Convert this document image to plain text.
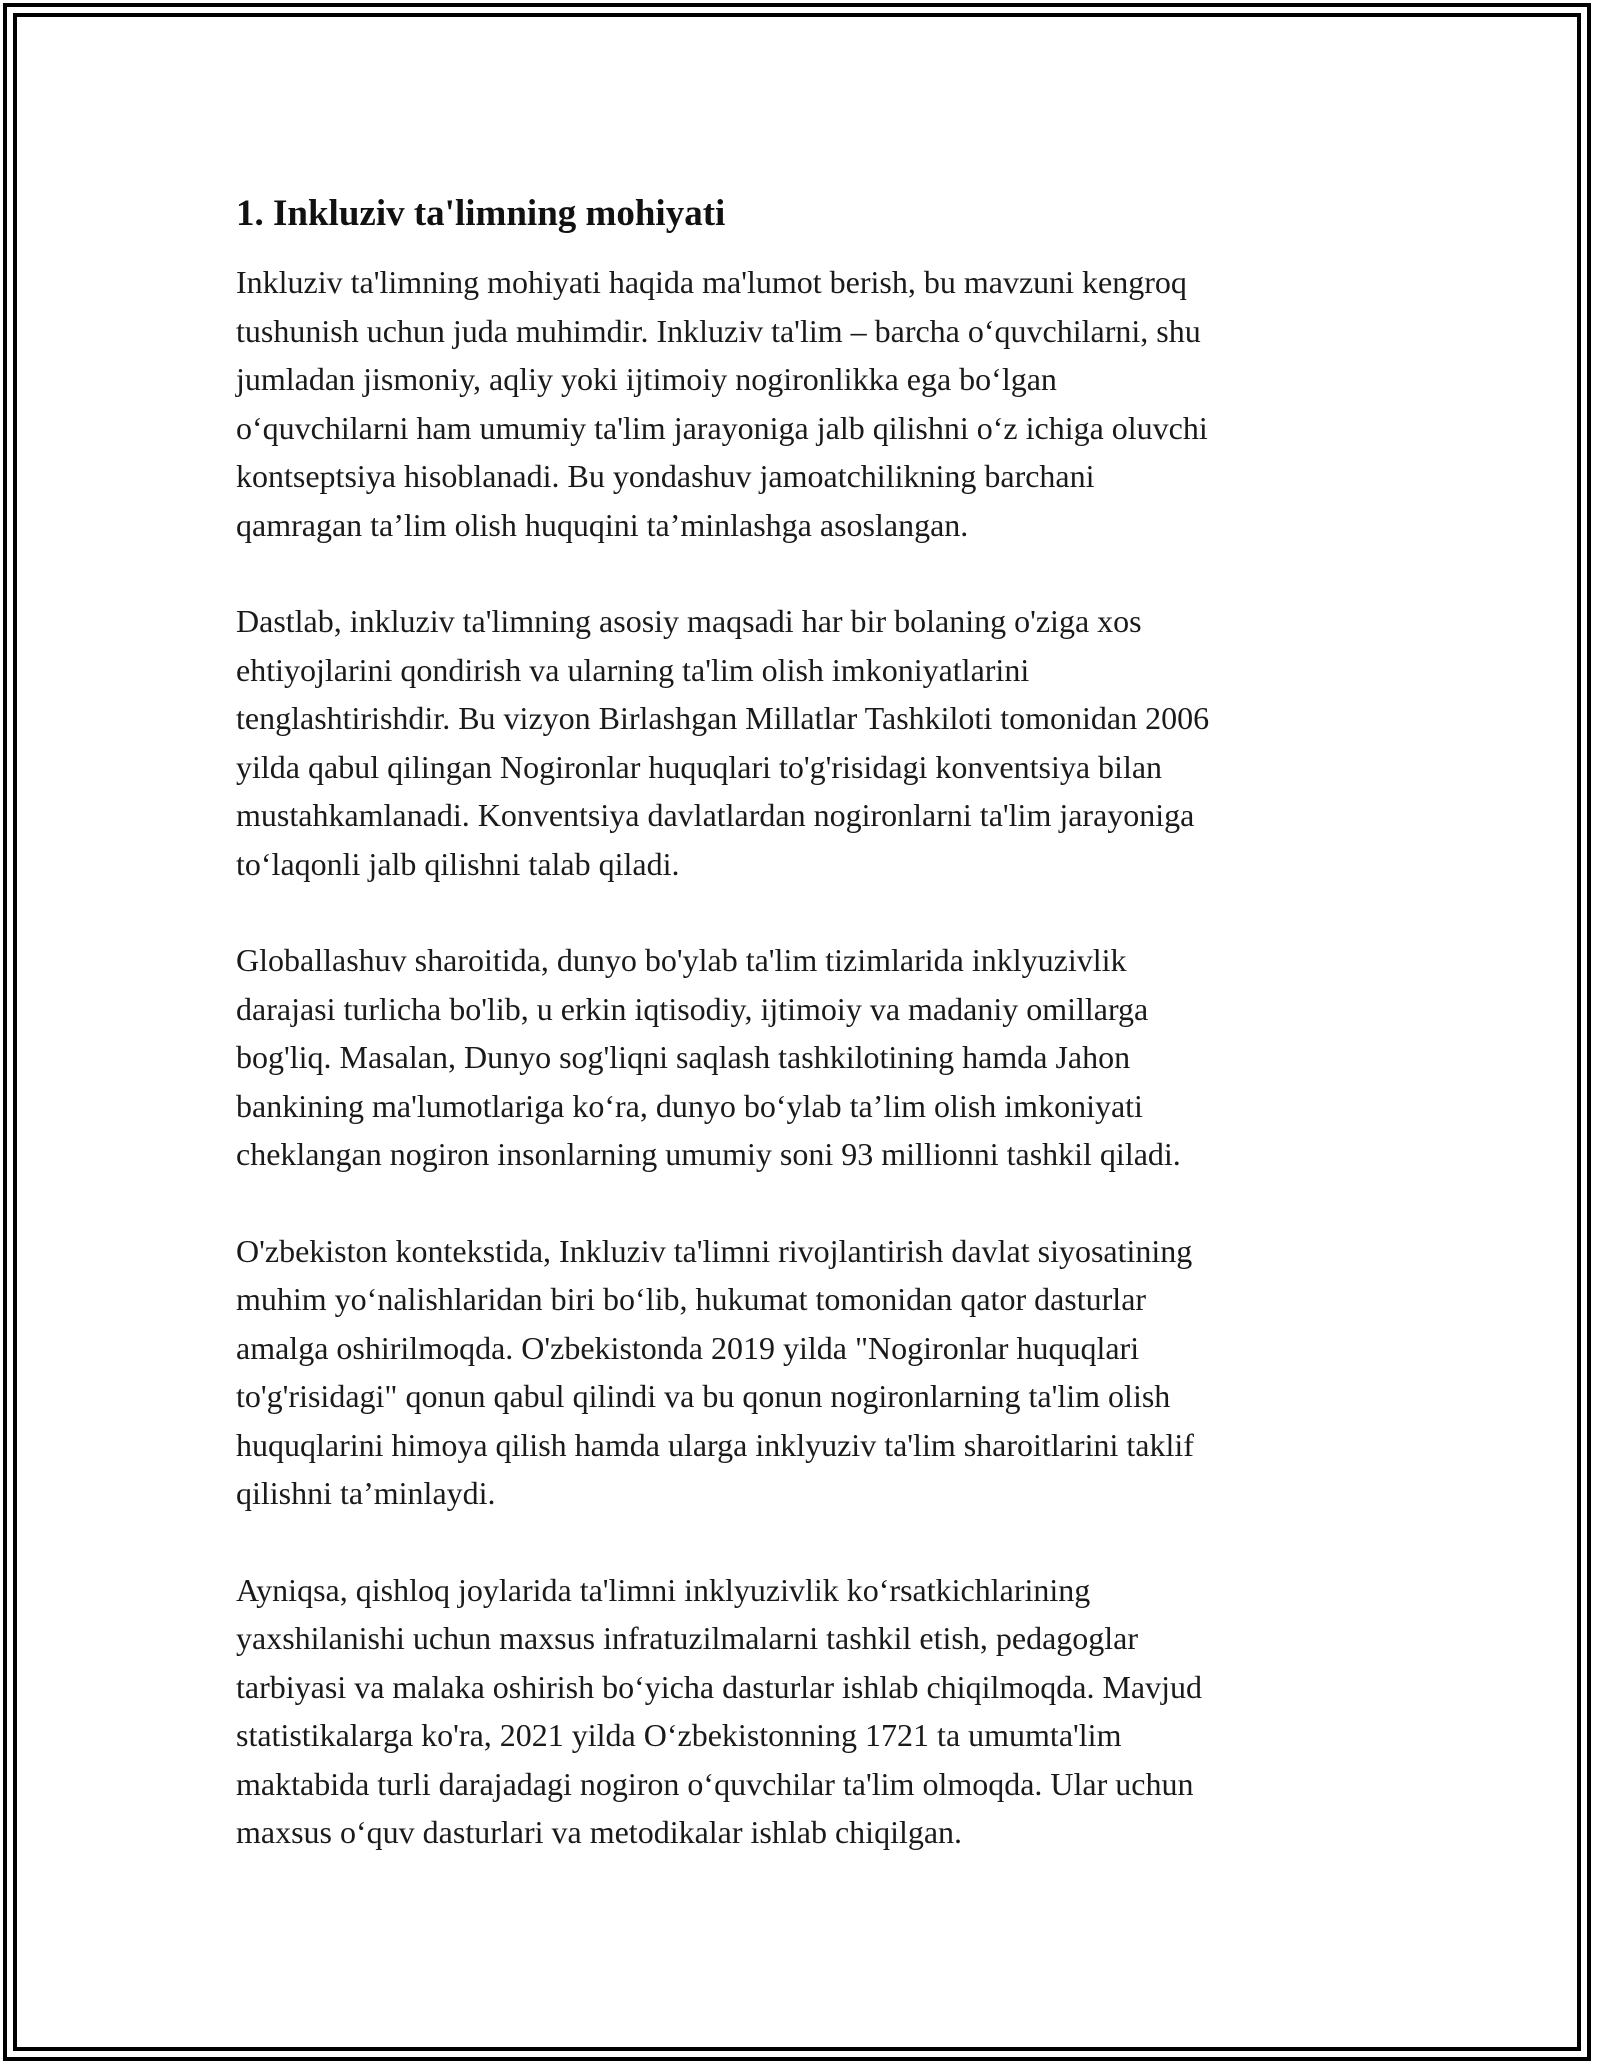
1. Inkluziv ta'limning mohiyati
Inkluziv ta'limning mohiyati haqida ma'lumot berish, bu mavzuni kengroq
tushunish uchun juda muhimdir. Inkluziv ta'lim – barcha o‘quvchilarni, shu
jumladan jismoniy, aqliy yoki ijtimoiy nogironlikka ega bo‘lgan
o‘quvchilarni ham umumiy ta'lim jarayoniga jalb qilishni o‘z ichiga oluvchi
kontseptsiya hisoblanadi. Bu yondashuv jamoatchilikning barchani
qamragan ta’lim olish huquqini ta’minlashga asoslangan.
Dastlab, inkluziv ta'limning asosiy maqsadi har bir bolaning o'ziga xos
ehtiyojlarini qondirish va ularning ta'lim olish imkoniyatlarini
tenglashtirishdir. Bu vizyon Birlashgan Millatlar Tashkiloti tomonidan 2006
yilda qabul qilingan Nogironlar huquqlari to'g'risidagi konventsiya bilan
mustahkamlanadi. Konventsiya davlatlardan nogironlarni ta'lim jarayoniga
to‘laqonli jalb qilishni talab qiladi.
Globallashuv sharoitida, dunyo bo'ylab ta'lim tizimlarida inklyuzivlik
darajasi turlicha bo'lib, u erkin iqtisodiy, ijtimoiy va madaniy omillarga
bog'liq. Masalan, Dunyo sog'liqni saqlash tashkilotining hamda Jahon
bankining ma'lumotlariga ko‘ra, dunyo bo‘ylab ta’lim olish imkoniyati
cheklangan nogiron insonlarning umumiy soni 93 millionni tashkil qiladi.
O'zbekiston kontekstida, Inkluziv ta'limni rivojlantirish davlat siyosatining
muhim yo‘nalishlaridan biri bo‘lib, hukumat tomonidan qator dasturlar
amalga oshirilmoqda. O'zbekistonda 2019 yilda "Nogironlar huquqlari
to'g'risidagi" qonun qabul qilindi va bu qonun nogironlarning ta'lim olish
huquqlarini himoya qilish hamda ularga inklyuziv ta'lim sharoitlarini taklif
qilishni ta’minlaydi.
Ayniqsa, qishloq joylarida ta'limni inklyuzivlik ko‘rsatkichlarining
yaxshilanishi uchun maxsus infratuzilmalarni tashkil etish, pedagoglar
tarbiyasi va malaka oshirish bo‘yicha dasturlar ishlab chiqilmoqda. Mavjud
statistikalarga ko'ra, 2021 yilda O‘zbekistonning 1721 ta umumta'lim
maktabida turli darajadagi nogiron o‘quvchilar ta'lim olmoqda. Ular uchun
maxsus o‘quv dasturlari va metodikalar ishlab chiqilgan.
